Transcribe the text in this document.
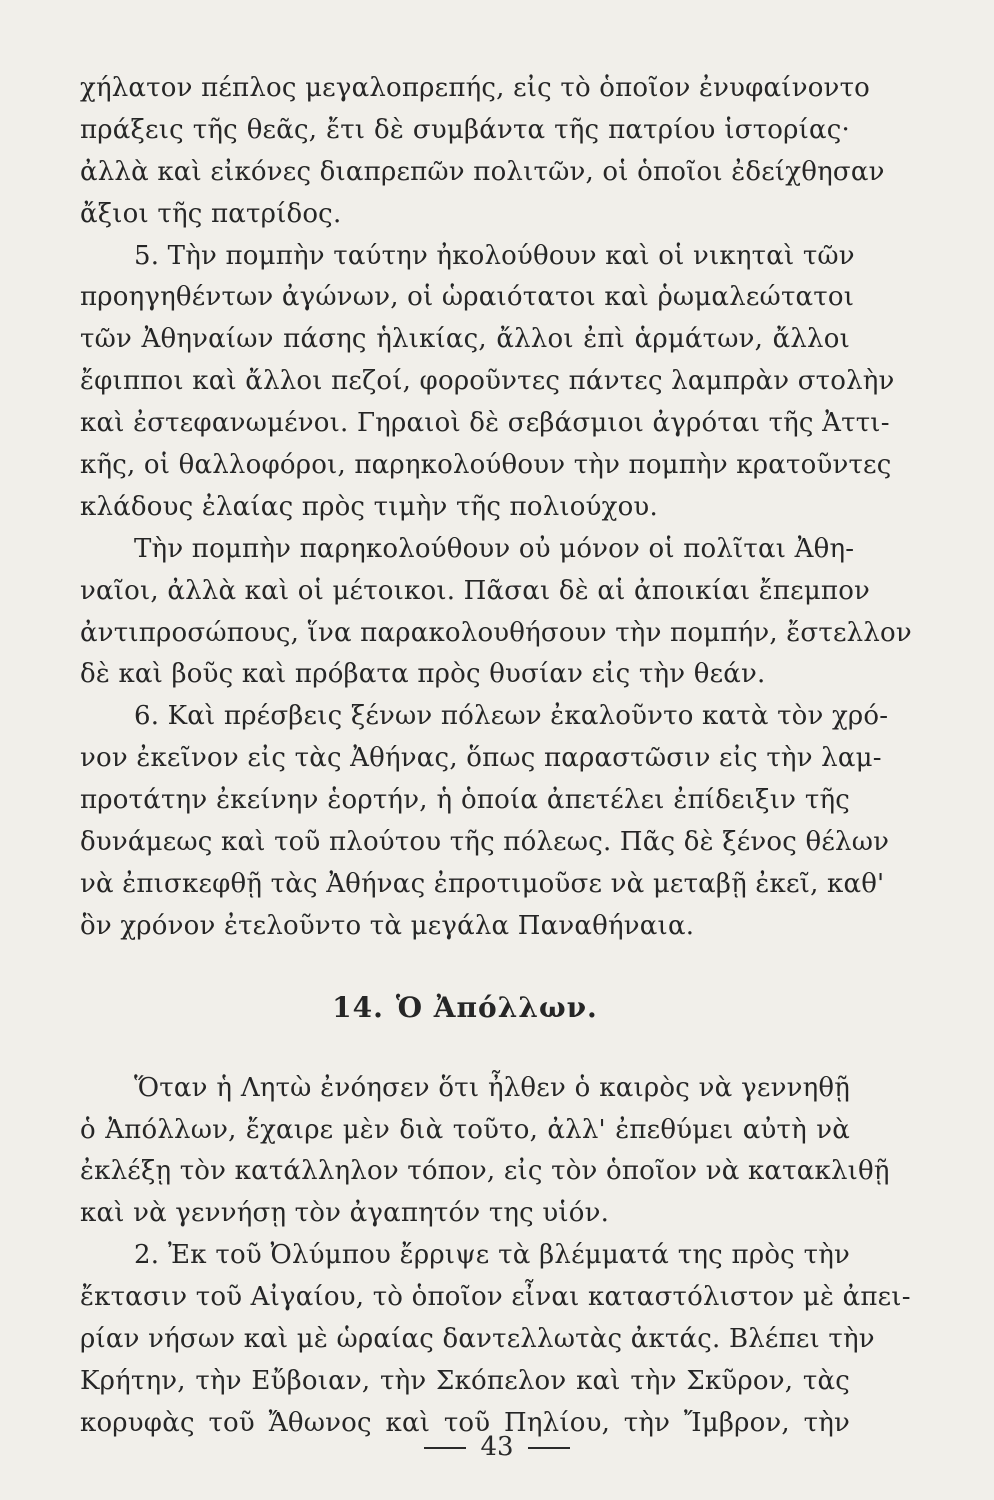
χήλατον πέπλος μεγαλοπρεπής, εἰς τὸ ὁποῖον ἐνυφαίνοντο
πράξεις τῆς θεᾶς, ἔτι δὲ συμβάντα τῆς πατρίου ἱστορίας·
ἀλλὰ καὶ εἰκόνες διαπρεπῶν πολιτῶν, οἱ ὁποῖοι ἐδείχθησαν
ἄξιοι τῆς πατρίδος.
5. Τὴν πομπὴν ταύτην ἠκολούθουν καὶ οἱ νικηταὶ τῶν
προηγηθέντων ἀγώνων, οἱ ὡραιότατοι καὶ ῥωμαλεώτατοι
τῶν Ἀθηναίων πάσης ἡλικίας, ἄλλοι ἐπὶ ἁρμάτων, ἄλλοι
ἔφιπποι καὶ ἄλλοι πεζοί, φοροῦντες πάντες λαμπρὰν στολὴν
καὶ ἐστεφανωμένοι. Γηραιοὶ δὲ σεβάσμιοι ἀγρόται τῆς Ἀττι-
κῆς, οἱ θαλλοφόροι, παρηκολούθουν τὴν πομπὴν κρατοῦντες
κλάδους ἐλαίας πρὸς τιμὴν τῆς πολιούχου.
Τὴν πομπὴν παρηκολούθουν οὐ μόνον οἱ πολῖται Ἀθη-
ναῖοι, ἀλλὰ καὶ οἱ μέτοικοι. Πᾶσαι δὲ αἱ ἀποικίαι ἔπεμπον
ἀντιπροσώπους, ἵνα παρακολουθήσουν τὴν πομπήν, ἔστελλον
δὲ καὶ βοῦς καὶ πρόβατα πρὸς θυσίαν εἰς τὴν θεάν.
6. Καὶ πρέσβεις ξένων πόλεων ἐκαλοῦντο κατὰ τὸν χρό-
νον ἐκεῖνον εἰς τὰς Ἀθήνας, ὅπως παραστῶσιν εἰς τὴν λαμ-
προτάτην ἐκείνην ἑορτήν, ἡ ὁποία ἀπετέλει ἐπίδειξιν τῆς
δυνάμεως καὶ τοῦ πλούτου τῆς πόλεως. Πᾶς δὲ ξένος θέλων
νὰ ἐπισκεφθῇ τὰς Ἀθήνας ἐπροτιμοῦσε νὰ μεταβῇ ἐκεῖ, καθ'
ὃν χρόνον ἐτελοῦντο τὰ μεγάλα Παναθήναια.
14. Ὁ Ἀπόλλων.
Ὅταν ἡ Λητὼ ἐνόησεν ὅτι ἦλθεν ὁ καιρὸς νὰ γεννηθῇ
ὁ Ἀπόλλων, ἔχαιρε μὲν διὰ τοῦτο, ἀλλ' ἐπεθύμει αὐτὴ νὰ
ἐκλέξῃ τὸν κατάλληλον τόπον, εἰς τὸν ὁποῖον νὰ κατακλιθῇ
καὶ νὰ γεννήσῃ τὸν ἀγαπητόν της υἱόν.
2. Ἐκ τοῦ Ὀλύμπου ἔρριψε τὰ βλέμματά της πρὸς τὴν
ἔκτασιν τοῦ Αἰγαίου, τὸ ὁποῖον εἶναι καταστόλιστον μὲ ἀπει-
ρίαν νήσων καὶ μὲ ὡραίας δαντελλωτὰς ἀκτάς. Βλέπει τὴν
Κρήτην, τὴν Εὔβοιαν, τὴν Σκόπελον καὶ τὴν Σκῦρον, τὰς
κορυφὰς τοῦ Ἄθωνος καὶ τοῦ Πηλίου, τὴν Ἴμβρον, τὴν
43
